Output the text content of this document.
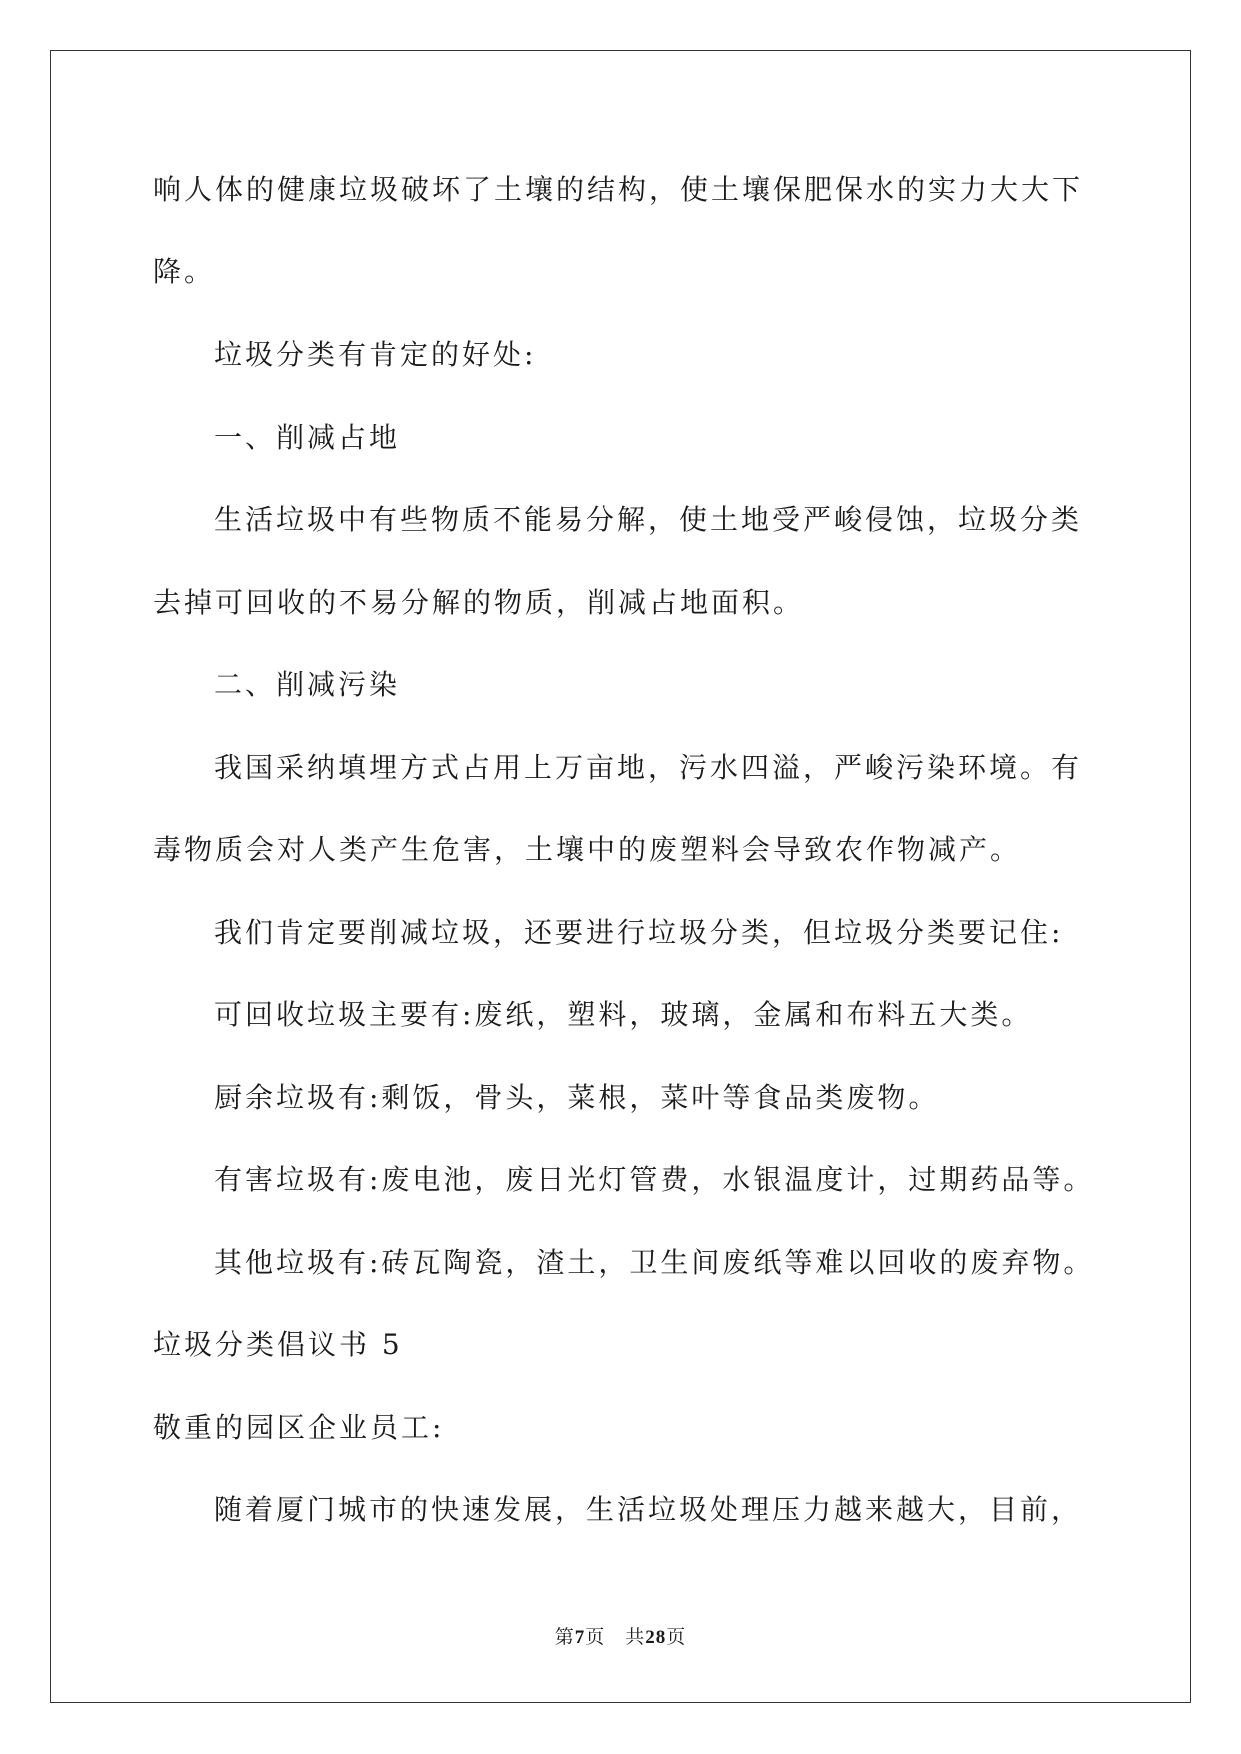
响人体的健康垃圾破坏了土壤的结构，使土壤保肥保水的实力大大下
降。
垃圾分类有肯定的好处:
一、削减占地
生活垃圾中有些物质不能易分解，使土地受严峻侵蚀，垃圾分类
去掉可回收的不易分解的物质，削减占地面积。
二、削减污染
我国采纳填埋方式占用上万亩地，污水四溢，严峻污染环境。有
毒物质会对人类产生危害，土壤中的废塑料会导致农作物减产。
我们肯定要削减垃圾，还要进行垃圾分类，但垃圾分类要记住:
可回收垃圾主要有:废纸，塑料，玻璃，金属和布料五大类。
厨余垃圾有:剩饭，骨头，菜根，菜叶等食品类废物。
有害垃圾有:废电池，废日光灯管费，水银温度计，过期药品等。
其他垃圾有:砖瓦陶瓷，渣土，卫生间废纸等难以回收的废弃物。
垃圾分类倡议书 5
敬重的园区企业员工:
随着厦门城市的快速发展，生活垃圾处理压力越来越大，目前，
第7页　共28页
